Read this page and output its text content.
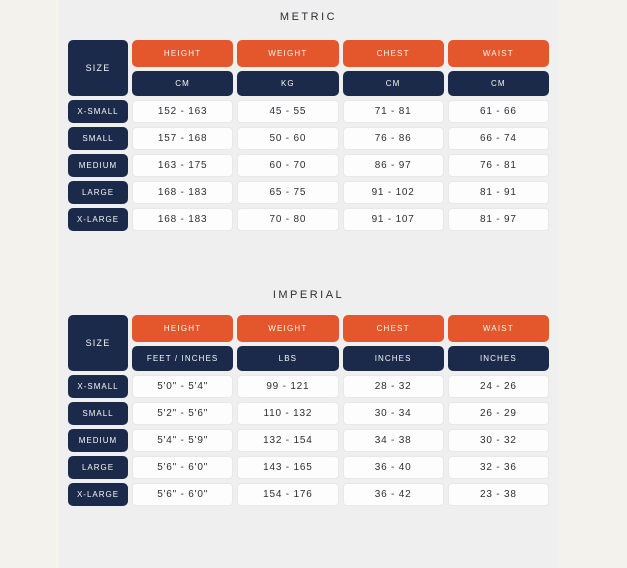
METRIC
SIZE
HEIGHT	WEIGHT	CHEST	WAIST
CM	KG	CM	CM
X-SMALL	152 - 163	45 - 55	71 - 81	61 - 66
SMALL	157 - 168	50 - 60	76 - 86	66 - 74
MEDIUM	163 - 175	60 - 70	86 - 97	76 - 81
LARGE	168 - 183	65 - 75	91 - 102	81 - 91
X-LARGE	168 - 183	70 - 80	91 - 107	81 - 97
IMPERIAL
SIZE
HEIGHT	WEIGHT	CHEST	WAIST
FEET / INCHES	LBS	INCHES	INCHES
X-SMALL	5'0" - 5'4"	99 - 121	28 - 32	24 - 26
SMALL	5'2" - 5'6"	110 - 132	30 - 34	26 - 29
MEDIUM	5'4" - 5'9"	132 - 154	34 - 38	30 - 32
LARGE	5'6" - 6'0"	143 - 165	36 - 40	32 - 36
X-LARGE	5'6" - 6'0"	154 - 176	36 - 42	23 - 38
